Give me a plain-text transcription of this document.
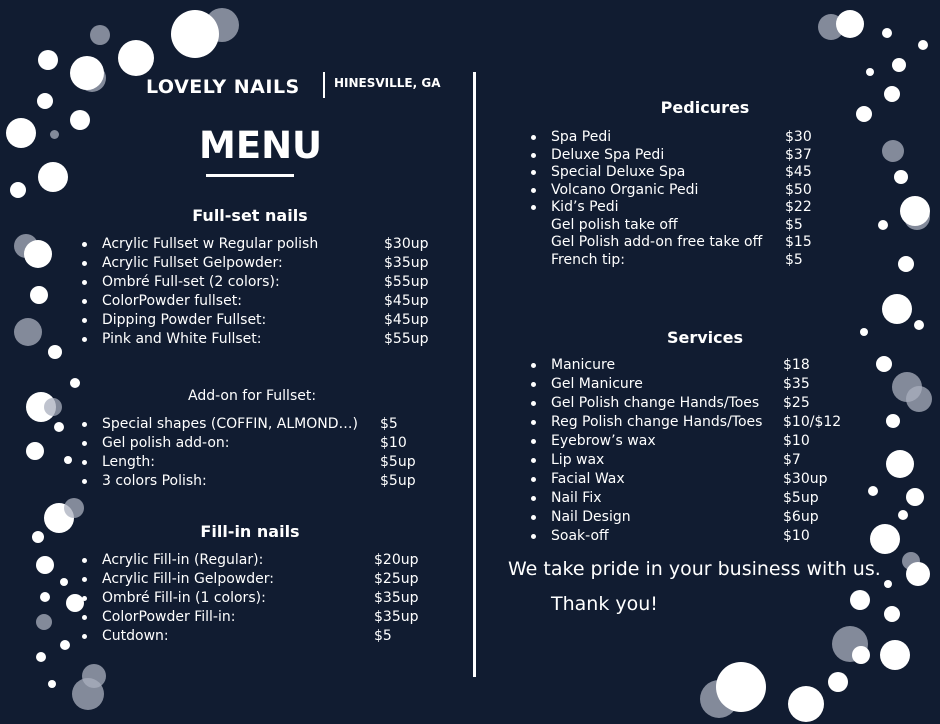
LOVELY NAILS	HINESVILLE, GA
MENU
Full-set nails
Acrylic Fullset w Regular polish	$30up
Acrylic Fullset Gelpowder:	$35up
Ombré Full-set (2 colors):	$55up
ColorPowder fullset:	$45up
Dipping Powder Fullset:	$45up
Pink and White Fullset:	$55up
Add-on for Fullset:
Special shapes (COFFIN, ALMOND…) $5
Gel polish add-on:	$10
Length:	$5up
3 colors Polish:	$5up
Fill-in nails
Acrylic Fill-in (Regular):	$20up
Acrylic Fill-in Gelpowder:	$25up
Ombré Fill-in (1 colors):	$35up
ColorPowder Fill-in:	$35up
Cutdown:	$5
Pedicures
Spa Pedi	$30
Deluxe Spa Pedi	$37
Special Deluxe Spa	$45
Volcano Organic Pedi	$50
Kid’s Pedi	$22
Gel polish take off	$5
Gel Polish add-on free take off $15
French tip:	$5
Services
Manicure	$18
Gel Manicure	$35
Gel Polish change Hands/Toes $25
Reg Polish change Hands/Toes $10/$12
Eyebrow’s wax	$10
Lip wax	$7
Facial Wax	$30up
Nail Fix	$5up
Nail Design	$6up
Soak-off	$10
We take pride in your business with us.
Thank you!
